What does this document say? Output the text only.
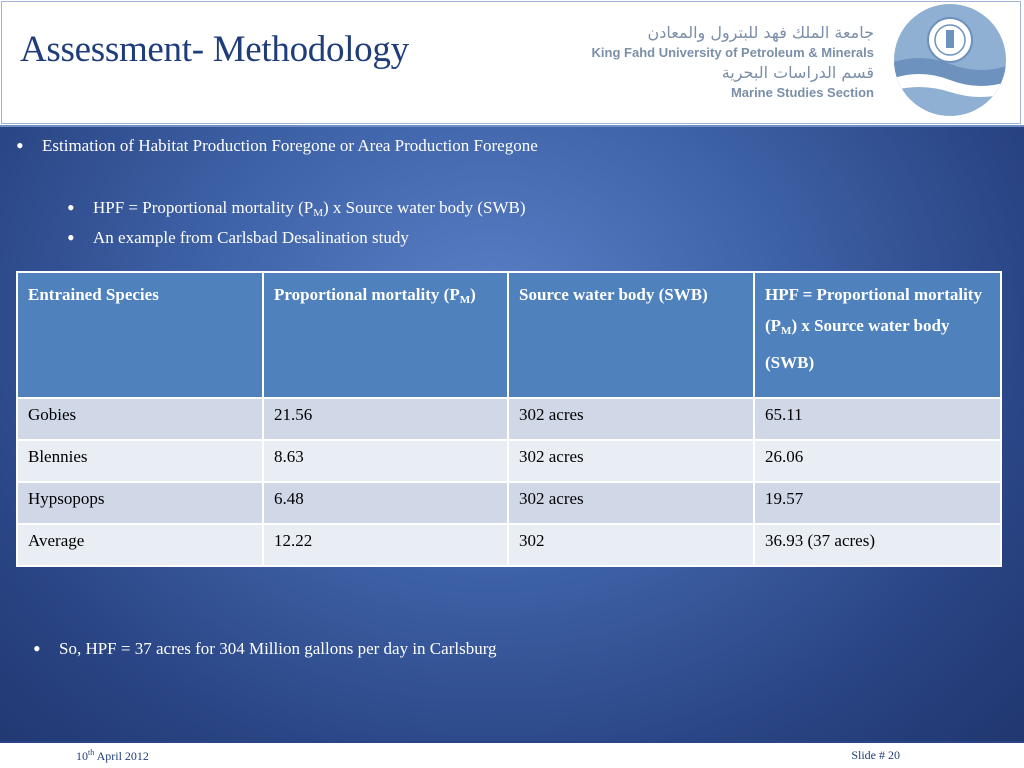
Assessment- Methodology	جامعة الملك فهد للبترول والمعادن
King Fahd University of Petroleum & Minerals
قسم الدراسات البحرية
Marine Studies Section
• Estimation of Habitat Production Foregone or Area Production Foregone
• HPF = Proportional mortality $(P_M)$ x Source water body (SWB)
• An example from Carlsbad Desalination study
Entrained Species	Proportional mortality $(P_M)$	Source water body (SWB)	HPF = Proportional mortality $(P_M)$ x Source water body (SWB)
Gobies	21.56	302 acres	65.11
Blennies	8.63	302 acres	26.06
Hypsopops	6.48	302 acres	19.57
Average	12.22	302	36.93 (37 acres)
• So, HPF = 37 acres for 304 Million gallons per day in Carlsburg
10th April 2012	Slide # 20
